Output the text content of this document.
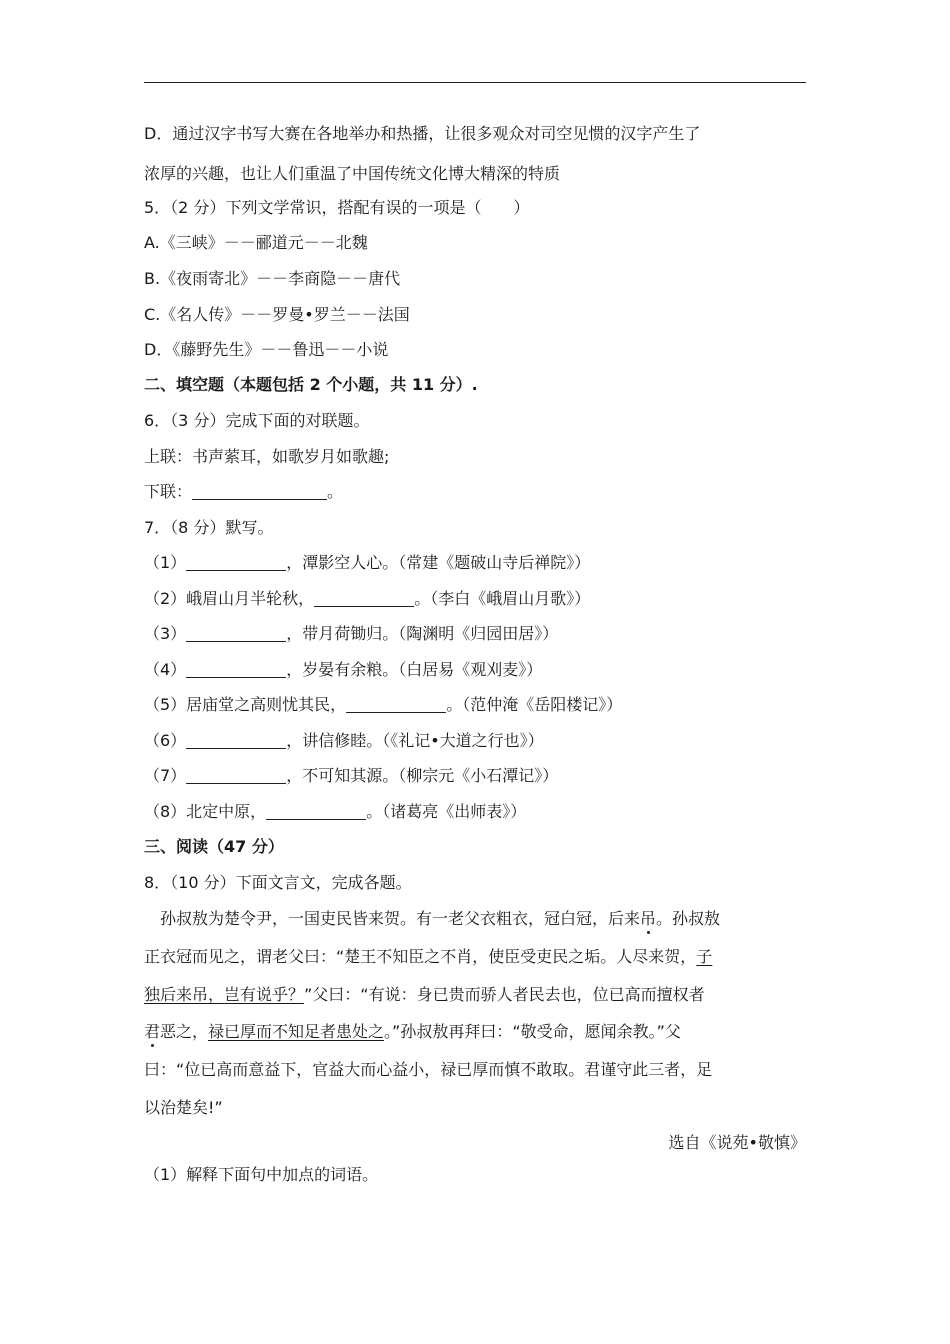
D．通过汉字书写大赛在各地举办和热播，让很多观众对司空见惯的汉字产生了
浓厚的兴趣，也让人们重温了中国传统文化博大精深的特质
5．（2 分）下列文学常识，搭配有误的一项是（　　）
A.《三峡》－－郦道元－－北魏
B.《夜雨寄北》－－李商隐－－唐代
C.《名人传》－－罗曼•罗兰－－法国
D．《藤野先生》－－鲁迅－－小说
二、填空题（本题包括 2 个小题，共 11 分）.
6．（3 分）完成下面的对联题。
上联：书声萦耳，如歌岁月如歌趣;
下联：	。
7．（8 分）默写。
（1）	，潭影空人心。（常建《题破山寺后禅院》）
（2）峨眉山月半轮秋，	。（李白《峨眉山月歌》）
（3）	，带月荷锄归。（陶渊明《归园田居》）
（4）	，岁晏有余粮。（白居易《观刈麦》）
（5）居庙堂之高则忧其民，	。（范仲淹《岳阳楼记》）
（6）	，讲信修睦。（《礼记•大道之行也》）
（7）	，不可知其源。（柳宗元《小石潭记》）
（8）北定中原，	。（诸葛亮《出师表》）
三、阅读（47 分）
8．（10 分）下面文言文，完成各题。
孙叔敖为楚令尹，一国吏民皆来贺。有一老父衣粗衣，冠白冠，后来吊。孙叔敖
正衣冠而见之，谓老父曰：“楚王不知臣之不肖，使臣受吏民之垢。人尽来贺，子
独后来吊，岂有说乎？”父曰：“有说：身已贵而骄人者民去也，位已高而擅权者
君恶之，禄已厚而不知足者患处之。”孙叔敖再拜曰：“敬受命，愿闻余教。”父
曰：“位已高而意益下，官益大而心益小，禄已厚而慎不敢取。君谨守此三者，足
以治楚矣!”
选自《说苑•敬慎》
（1）解释下面句中加点的词语。
